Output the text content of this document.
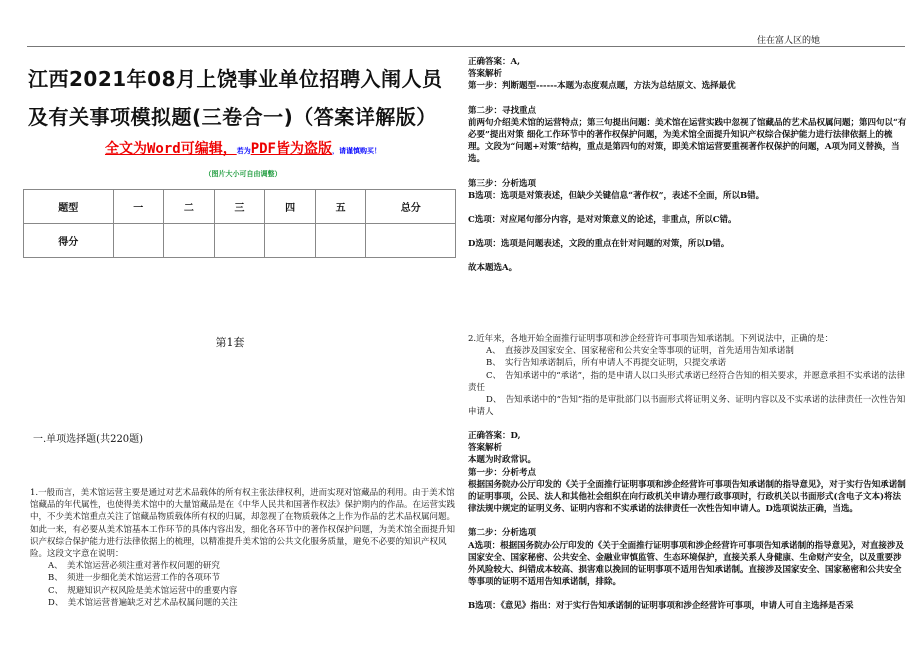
住在富人区的她
江西2021年08月上饶事业单位招聘入闱人员及有关事项模拟题(三卷合一)（答案详解版）
全文为Word可编辑，若为PDF皆为盗版，请谨慎购买！
（图片大小可自由调整）
题型	一	二	三	四	五	总分
得分						
第1套
一.单项选择题(共220题)
1.一般而言，美术馆运营主要是通过对艺术品载体的所有权主张法律权利，进而实现对馆藏品的利用。由于美术馆馆藏品的年代属性，也使得美术馆中的大量馆藏品是在《中华人民共和国著作权法》保护期内的作品。在运营实践中，不少美术馆重点关注了馆藏品物质载体所有权的归属，却忽视了在物质载体之上作为作品的艺术品权属问题。如此一来，有必要从美术馆基本工作环节的具体内容出发，细化各环节中的著作权保护问题，为美术馆全面提升知识产权综合保护能力进行法律依据上的梳理，以精准提升美术馆的公共文化服务质量，避免不必要的知识产权风险。这段文字意在说明：
A、　美术馆运营必须注重对著作权问题的研究
B、　须进一步细化美术馆运营工作的各项环节
C、　规避知识产权风险是美术馆运营中的重要内容
D、　美术馆运营普遍缺乏对艺术品权属问题的关注
正确答案：A,
答案解析
第一步：判断题型------本题为态度观点题，方法为总结原文、选择最优
第二步：寻找重点
前两句介绍美术馆的运营特点；第三句提出问题：美术馆在运营实践中忽视了馆藏品的艺术品权属问题；第四句以“有必要”提出对策 细化工作环节中的著作权保护问题，为美术馆全面提升知识产权综合保护能力进行法律依据上的梳理。文段为“问题+对策”结构，重点是第四句的对策，即美术馆运营要重视著作权保护的问题，A项为同义替换，当选。
第三步：分析选项
B选项：选项是对策表述，但缺少关键信息“著作权”，表述不全面，所以B错。
C选项：对应尾句部分内容，是对对策意义的论述，非重点，所以C错。
D选项：选项是问题表述，文段的重点在针对问题的对策，所以D错。
故本题选A。
2.近年来，各地开始全面推行证明事项和涉企经营许可事项告知承诺制。下列说法中，正确的是：
A、　直接涉及国家安全、国家秘密和公共安全等事项的证明，首先适用告知承诺制
B、　实行告知承诺制后，所有申请人不再提交证明，只提交承诺
C、　告知承诺中的“承诺”，指的是申请人以口头形式承诺已经符合告知的相关要求，并愿意承担不实承诺的法律责任
D、　告知承诺中的“告知”指的是审批部门以书面形式将证明义务、证明内容以及不实承诺的法律责任一次性告知申请人
正确答案：D,
答案解析
本题为时政常识。
第一步：分析考点
根据国务院办公厅印发的《关于全面推行证明事项和涉企经营许可事项告知承诺制的指导意见》，对于实行告知承诺制的证明事项，公民、法人和其他社会组织在向行政机关申请办理行政事项时，行政机关以书面形式(含电子文本)将法律法规中规定的证明义务、证明内容和不实承诺的法律责任一次性告知申请人。D选项说法正确，当选。
第二步：分析选项
A选项：根据国务院办公厅印发的《关于全面推行证明事项和涉企经营许可事项告知承诺制的指导意见》，对直接涉及国家安全、国家秘密、公共安全、金融业审慎监管、生态环境保护，直接关系人身健康、生命财产安全，以及重要涉外风险较大、纠错成本较高、损害难以挽回的证明事项不适用告知承诺制。直接涉及国家安全、国家秘密和公共安全等事项的证明不适用告知承诺制，排除。
B选项：《意见》指出：对于实行告知承诺制的证明事项和涉企经营许可事项，申请人可自主选择是否采
